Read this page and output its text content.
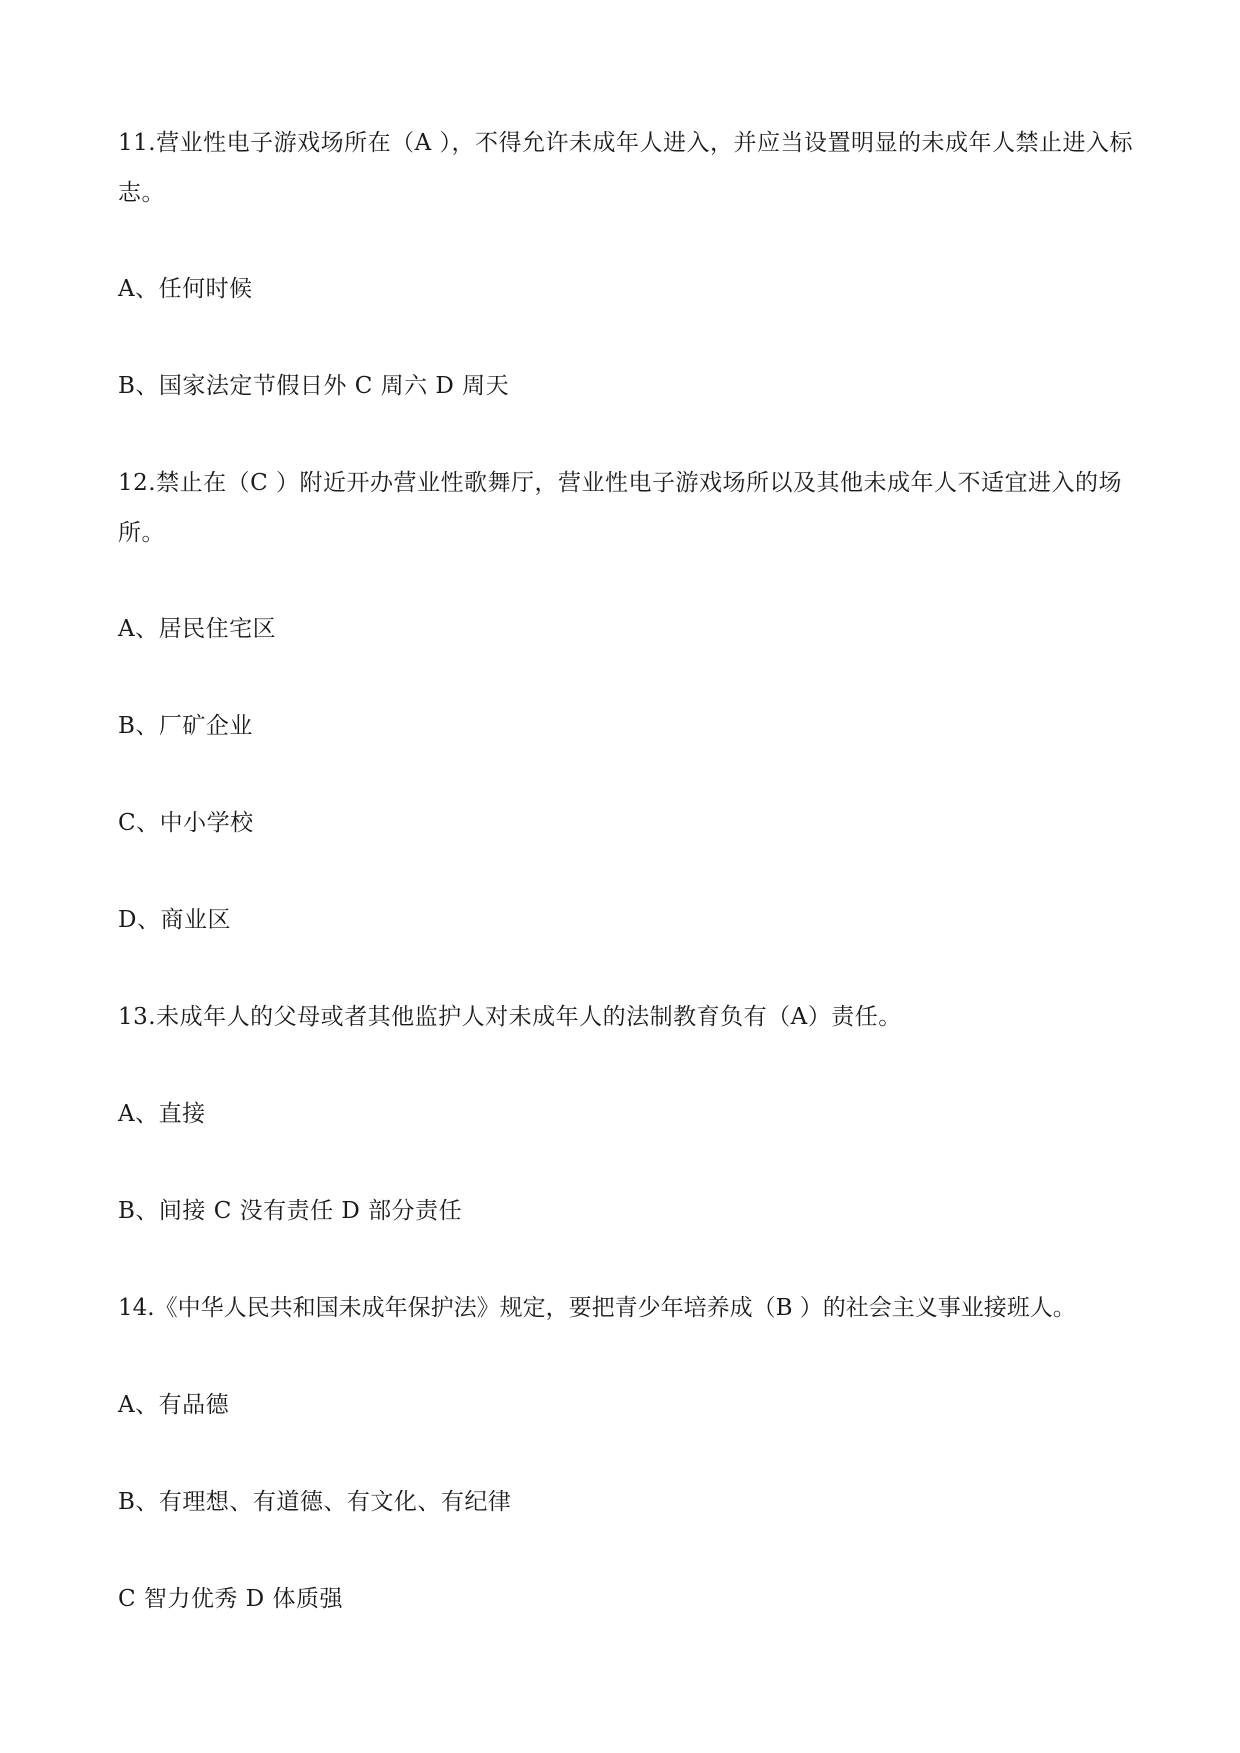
11.营业性电子游戏场所在（A ），不得允许未成年人进入，并应当设置明显的未成年人禁止进入标志。
A、任何时候
B、国家法定节假日外 C 周六 D 周天
12.禁止在（C ）附近开办营业性歌舞厅，营业性电子游戏场所以及其他未成年人不适宜进入的场所。
A、居民住宅区
B、厂矿企业
C、中小学校
D、商业区
13.未成年人的父母或者其他监护人对未成年人的法制教育负有（A）责任。
A、直接
B、间接 C 没有责任 D 部分责任
14.《中华人民共和国未成年保护法》规定，要把青少年培养成（B ）的社会主义事业接班人。
A、有品德
B、有理想、有道德、有文化、有纪律
C 智力优秀 D 体质强
